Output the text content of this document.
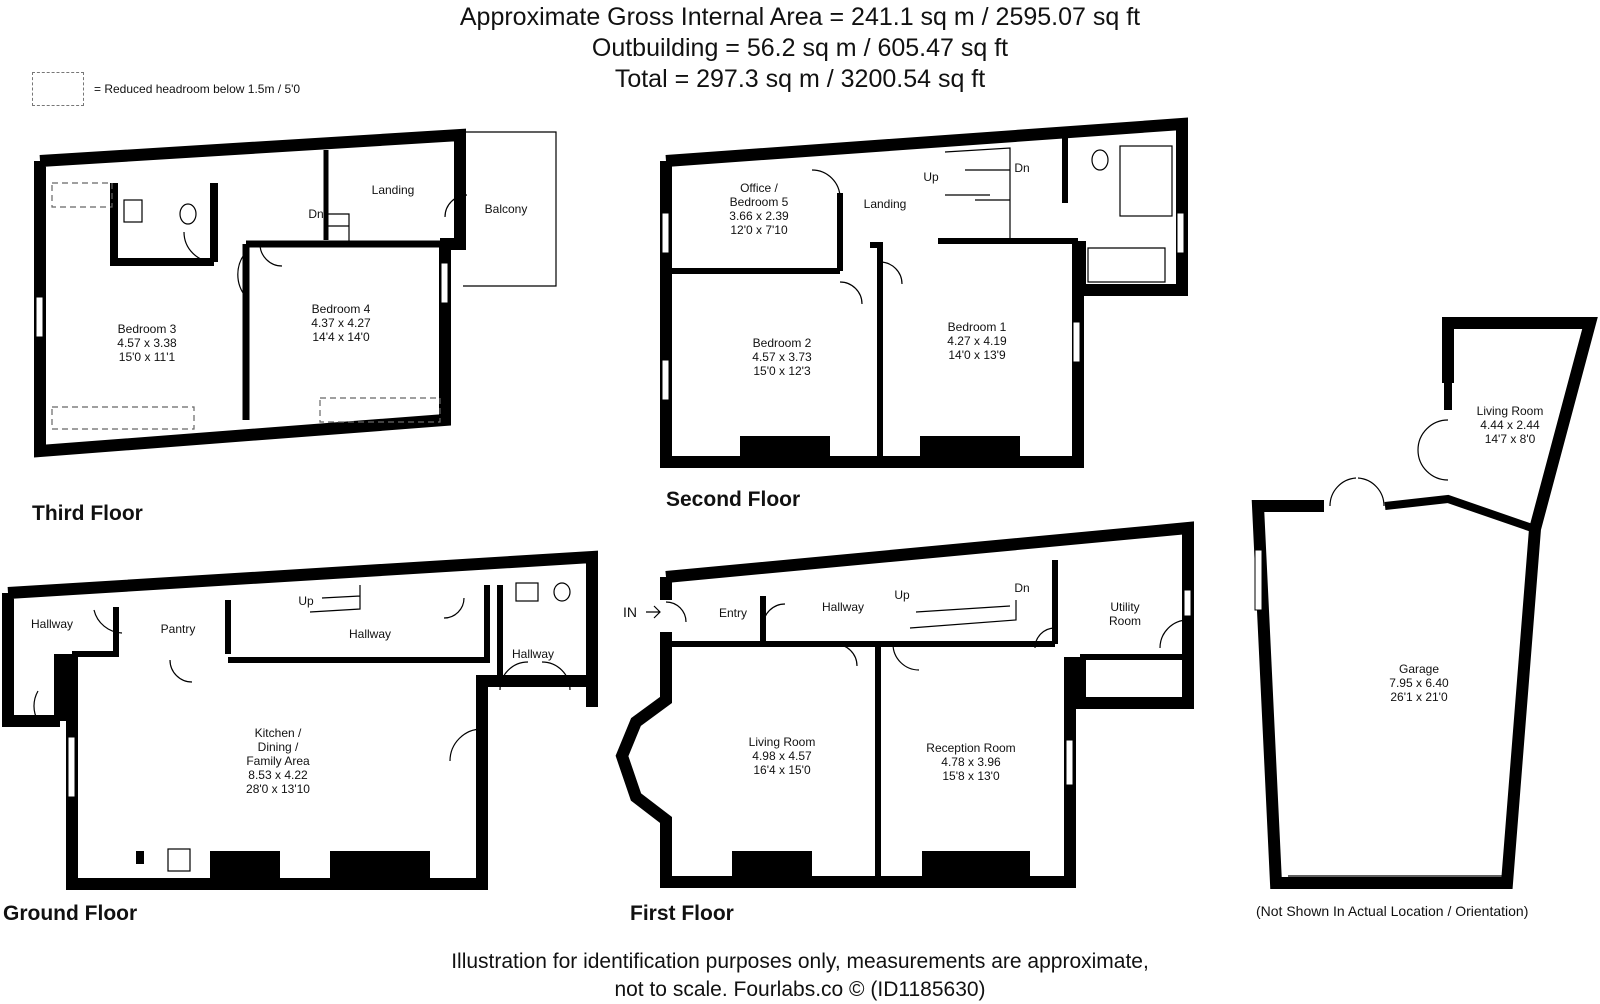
Approximate Gross Internal Area = 241.1 sq m / 2595.07 sq ft
Outbuilding = 56.2 sq m / 605.47 sq ft
Total = 297.3 sq m / 3200.54 sq ft
= Reduced headroom below 1.5m / 5'0
Landing
Balcony
Dn
Bedroom 3
4.57 x 3.38
15'0 x 11'1
Bedroom 4
4.37 x 4.27
14'4 x 14'0
Office /
Bedroom 5
3.66 x 2.39
12'0 x 7'10
Landing
Up
Dn
Bedroom 2
4.57 x 3.73
15'0 x 12'3
Bedroom 1
4.27 x 4.19
14'0 x 13'9
Hallway	Pantry	Hallway
Hallway
Up
Kitchen /
Dining /
Family Area
8.53 x 4.22
28'0 x 13'10
IN	Entry	Hallway
Up	Dn
Utility
Room
Living Room
4.98 x 4.57
16'4 x 15'0
Reception Room
4.78 x 3.96
15'8 x 13'0
Living Room
4.44 x 2.44
14'7 x 8'0
Garage
7.95 x 6.40
26'1 x 21'0
Third Floor
Second Floor
Ground Floor	First Floor	(Not Shown In Actual Location / Orientation)
Illustration for identification purposes only, measurements are approximate,
not to scale. Fourlabs.co © (ID1185630)
